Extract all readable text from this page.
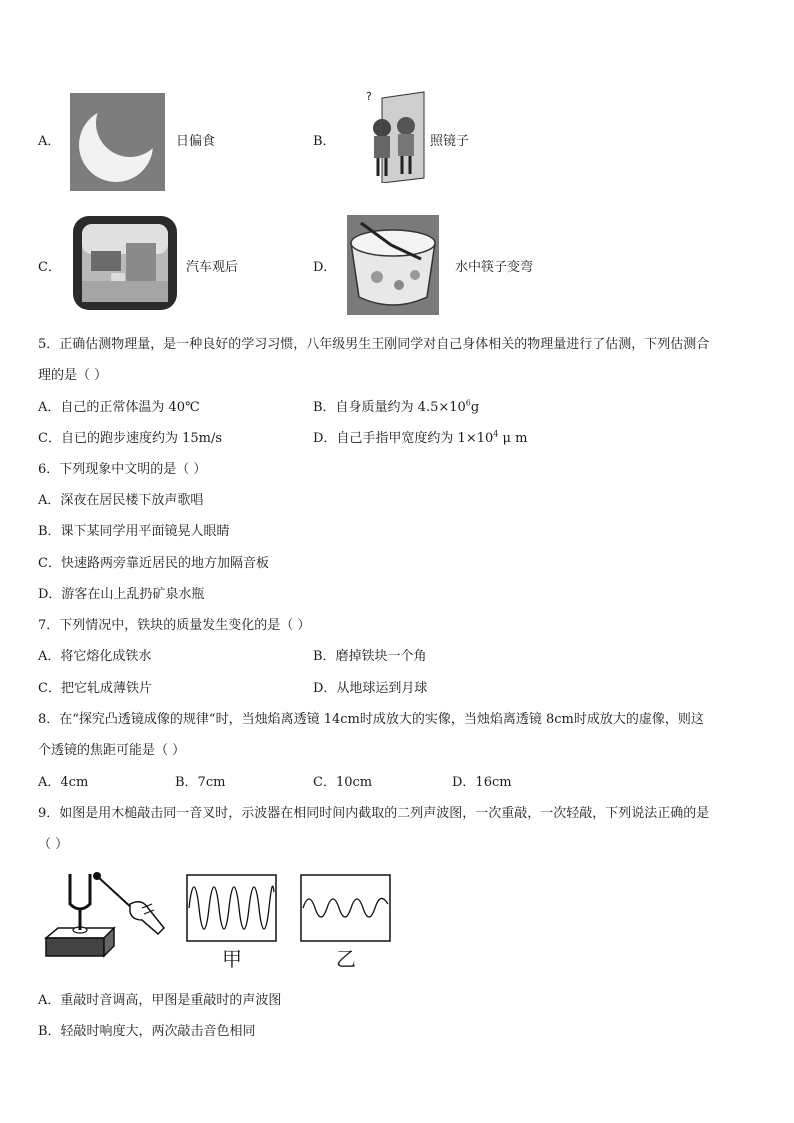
A．	日偏食	B．
?
照镜子
C．	汽车观后	D．	水中筷子变弯
5．正确估测物理量，是一种良好的学习习惯，八年级男生王刚同学对自己身体相关的物理量进行了估测，下列估测合
理的是（ ）
A．自己的正常体温为 40℃	B．自身质量约为 $4.5\times 10^6g$
C．自已的跑步速度约为 15m/s	D．自己手指甲宽度约为 $1\times 10^4$ μ m
6．下列现象中文明的是（ ）
A．深夜在居民楼下放声歌唱
B．课下某同学用平面镜晃人眼睛
C．快速路两旁靠近居民的地方加隔音板
D．游客在山上乱扔矿泉水瓶
7．下列情况中，铁块的质量发生变化的是（ ）
A．将它熔化成铁水	B．磨掉铁块一个角
C．把它轧成薄铁片	D．从地球运到月球
8．在“探究凸透镜成像的规律“时，当烛焰离透镜 14cm时成放大的实像，当烛焰离透镜 8cm时成放大的虚像，则这
个透镜的焦距可能是（ ）
A．4cm	B．7cm	C．10cm	D．16cm
9．如图是用木槌敲击同一音叉时，示波器在相同时间内截取的二列声波图，一次重敲，一次轻敲，下列说法正确的是
（ ）
甲	乙
A．重敲时音调高，甲图是重敲时的声波图
B．轻敲时响度大，两次敲击音色相同
